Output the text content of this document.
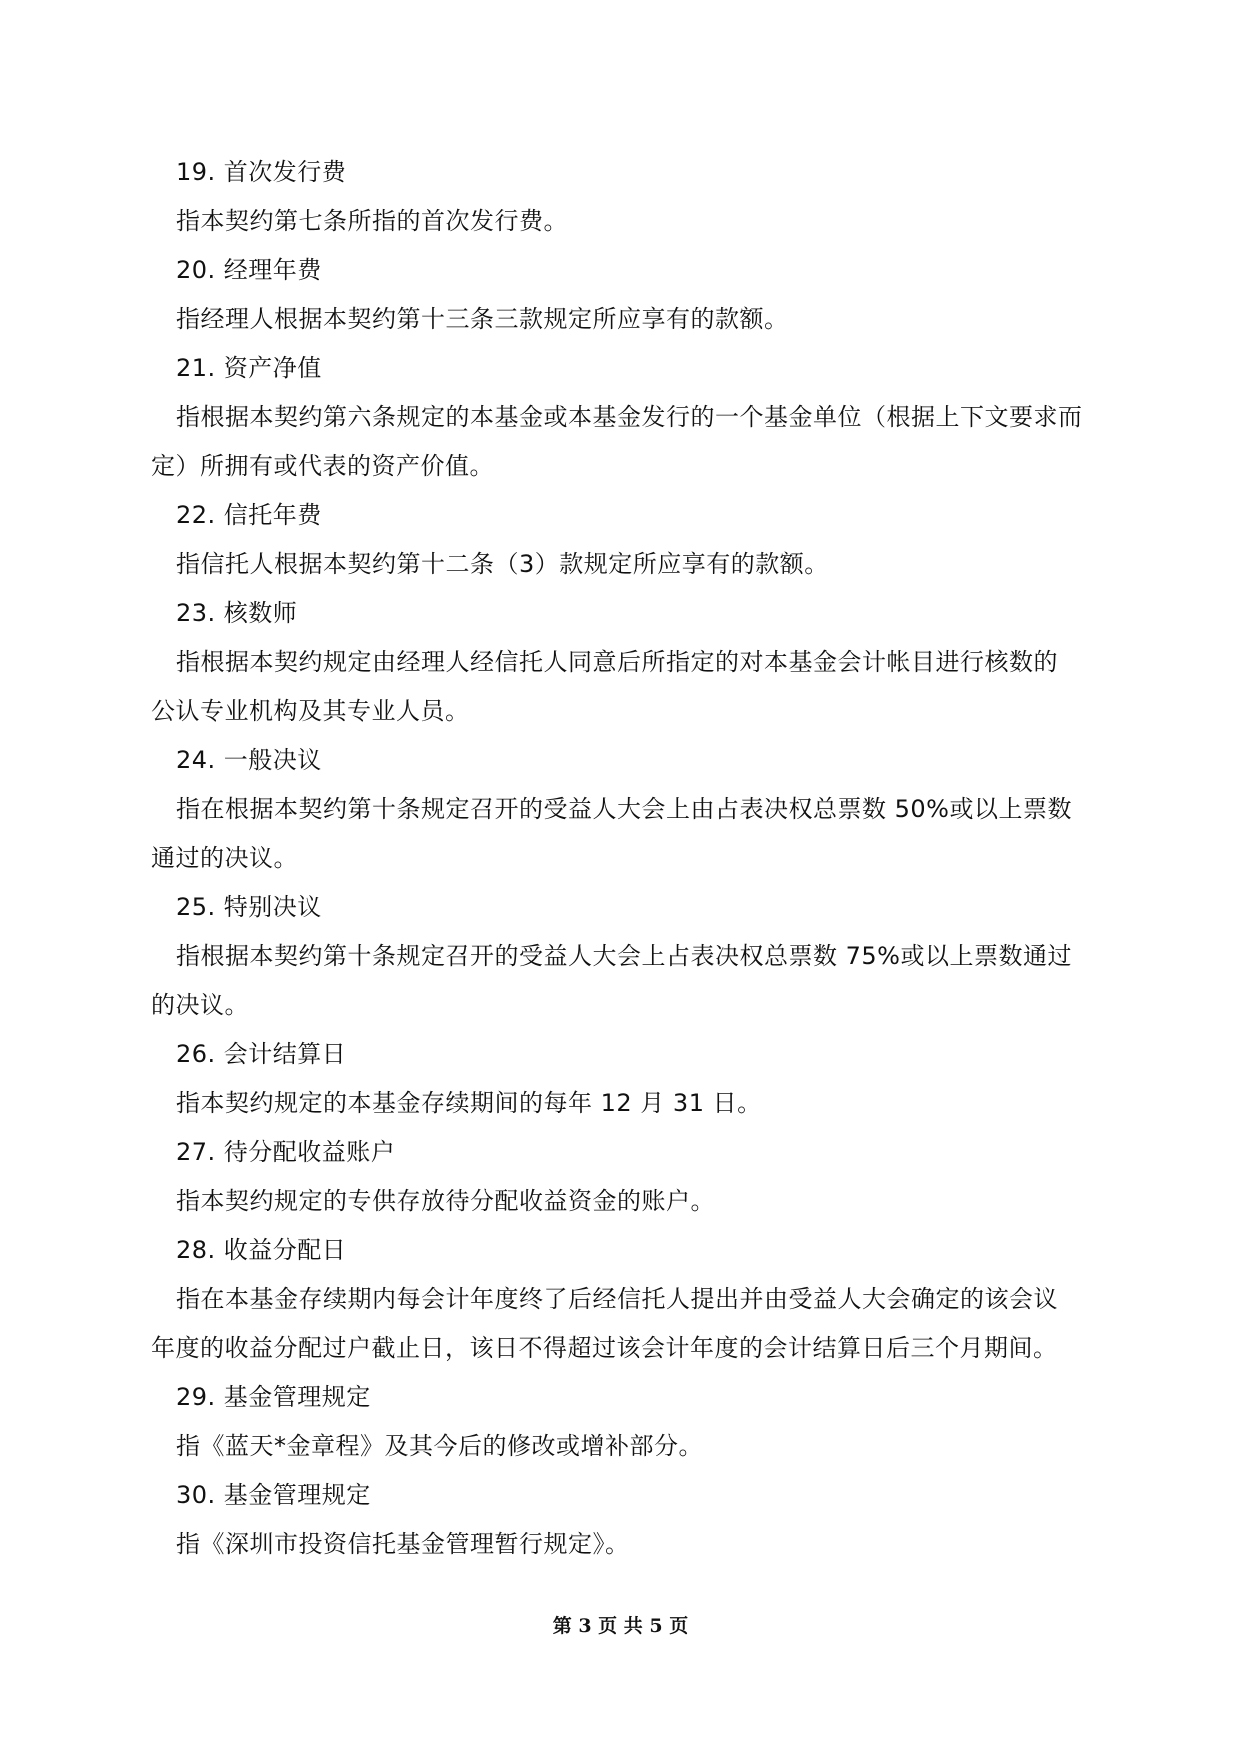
19. 首次发行费
指本契约第七条所指的首次发行费。
20. 经理年费
指经理人根据本契约第十三条三款规定所应享有的款额。
21. 资产净值
指根据本契约第六条规定的本基金或本基金发行的一个基金单位（根据上下文要求而
定）所拥有或代表的资产价值。
22. 信托年费
指信托人根据本契约第十二条（3）款规定所应享有的款额。
23. 核数师
指根据本契约规定由经理人经信托人同意后所指定的对本基金会计帐目进行核数的
公认专业机构及其专业人员。
24. 一般决议
指在根据本契约第十条规定召开的受益人大会上由占表决权总票数 50%或以上票数
通过的决议。
25. 特别决议
指根据本契约第十条规定召开的受益人大会上占表决权总票数 75%或以上票数通过
的决议。
26. 会计结算日
指本契约规定的本基金存续期间的每年 12 月 31 日。
27. 待分配收益账户
指本契约规定的专供存放待分配收益资金的账户。
28. 收益分配日
指在本基金存续期内每会计年度终了后经信托人提出并由受益人大会确定的该会议
年度的收益分配过户截止日，该日不得超过该会计年度的会计结算日后三个月期间。
29. 基金管理规定
指《蓝天*金章程》及其今后的修改或增补部分。
30. 基金管理规定
指《深圳市投资信托基金管理暂行规定》。
第 3 页 共 5 页
